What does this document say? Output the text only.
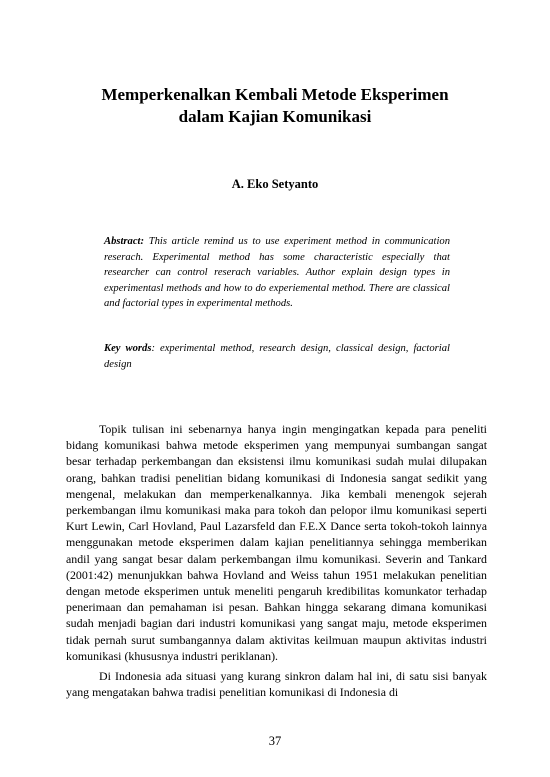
Memperkenalkan Kembali Metode Eksperimen
dalam Kajian Komunikasi
A. Eko Setyanto
Abstract: This article remind us to use experiment method in communication reserach. Experimental method has some characteristic especially that researcher can control reserach variables. Author explain design types in experimentasl methods and how to do experiemental method. There are classical and factorial types in experimental methods.
Key words: experimental method, research design, classical design, factorial design

Topik tulisan ini sebenarnya hanya ingin mengingatkan kepada para peneliti bidang komunikasi bahwa metode eksperimen yang mempunyai sumbangan sangat besar terhadap perkembangan dan eksistensi ilmu komunikasi sudah mulai dilupakan orang, bahkan tradisi penelitian bidang komunikasi di Indonesia sangat sedikit yang mengenal, melakukan dan memperkenalkannya. Jika kembali menengok sejerah perkembangan ilmu komunikasi maka para tokoh dan pelopor ilmu komunikasi seperti Kurt Lewin, Carl Hovland, Paul Lazarsfeld dan F.E.X Dance serta tokoh-tokoh lainnya menggunakan metode eksperimen dalam kajian penelitiannya sehingga memberikan andil yang sangat besar dalam perkembangan ilmu komunikasi. Severin and Tankard (2001:42) menunjukkan bahwa Hovland and Weiss tahun 1951 melakukan penelitian dengan metode eksperimen untuk meneliti pengaruh kredibilitas komunkator terhadap penerimaan dan pemahaman isi pesan. Bahkan hingga sekarang dimana komunikasi sudah menjadi bagian dari industri komunikasi yang sangat maju, metode eksperimen tidak pernah surut sumbangannya dalam aktivitas keilmuan maupun aktivitas industri komunikasi (khususnya industri periklanan).

Di Indonesia ada situasi yang kurang sinkron dalam hal ini, di satu sisi banyak yang mengatakan bahwa tradisi penelitian komunikasi di Indonesia di

37
